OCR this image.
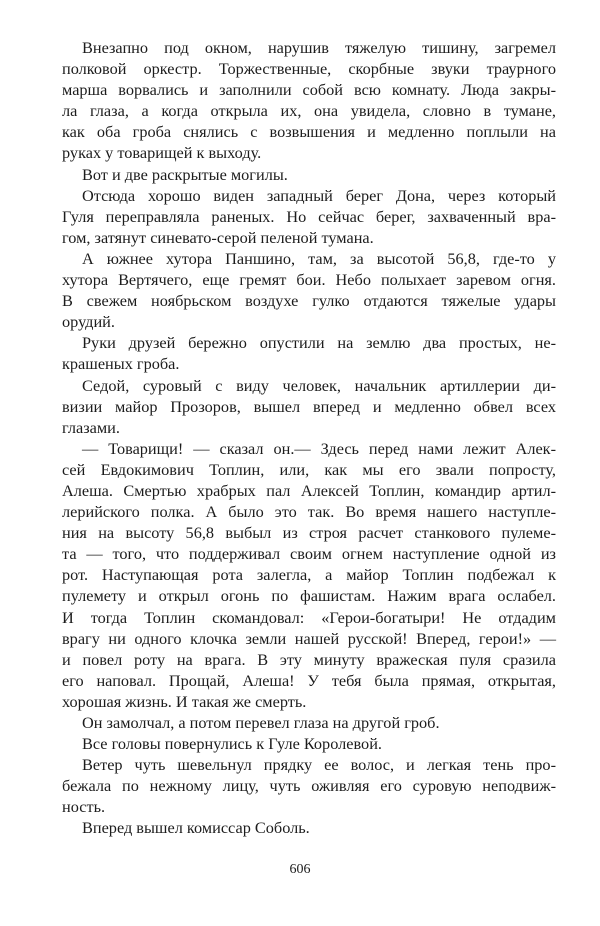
Внезапно под окном, нарушив тяжелую тишину, загремел
полковой оркестр. Торжественные, скорбные звуки траурного
марша ворвались и заполнили собой всю комнату. Люда закры-
ла глаза, а когда открыла их, она увидела, словно в тумане,
как оба гроба снялись с возвышения и медленно поплыли на
руках у товарищей к выходу.
Вот и две раскрытые могилы.
Отсюда хорошо виден западный берег Дона, через который
Гуля переправляла раненых. Но сейчас берег, захваченный вра-
гом, затянут синевато-серой пеленой тумана.
А южнее хутора Паншино, там, за высотой 56,8, где-то у
хутора Вертячего, еще гремят бои. Небо полыхает заревом огня.
В свежем ноябрьском воздухе гулко отдаются тяжелые удары
орудий.
Руки друзей бережно опустили на землю два простых, не-
крашеных гроба.
Седой, суровый с виду человек, начальник артиллерии ди-
визии майор Прозоров, вышел вперед и медленно обвел всех
глазами.
— Товарищи! — сказал он.— Здесь перед нами лежит Алек-
сей Евдокимович Топлин, или, как мы его звали попросту,
Алеша. Смертью храбрых пал Алексей Топлин, командир артил-
лерийского полка. А было это так. Во время нашего наступле-
ния на высоту 56,8 выбыл из строя расчет станкового пулеме-
та — того, что поддерживал своим огнем наступление одной из
рот. Наступающая рота залегла, а майор Топлин подбежал к
пулемету и открыл огонь по фашистам. Нажим врага ослабел.
И тогда Топлин скомандовал: «Герои-богатыри! Не отдадим
врагу ни одного клочка земли нашей русской! Вперед, герои!» —
и повел роту на врага. В эту минуту вражеская пуля сразила
его наповал. Прощай, Алеша! У тебя была прямая, открытая,
хорошая жизнь. И такая же смерть.
Он замолчал, а потом перевел глаза на другой гроб.
Все головы повернулись к Гуле Королевой.
Ветер чуть шевельнул прядку ее волос, и легкая тень про-
бежала по нежному лицу, чуть оживляя его суровую неподвиж-
ность.
Вперед вышел комиссар Соболь.
606
